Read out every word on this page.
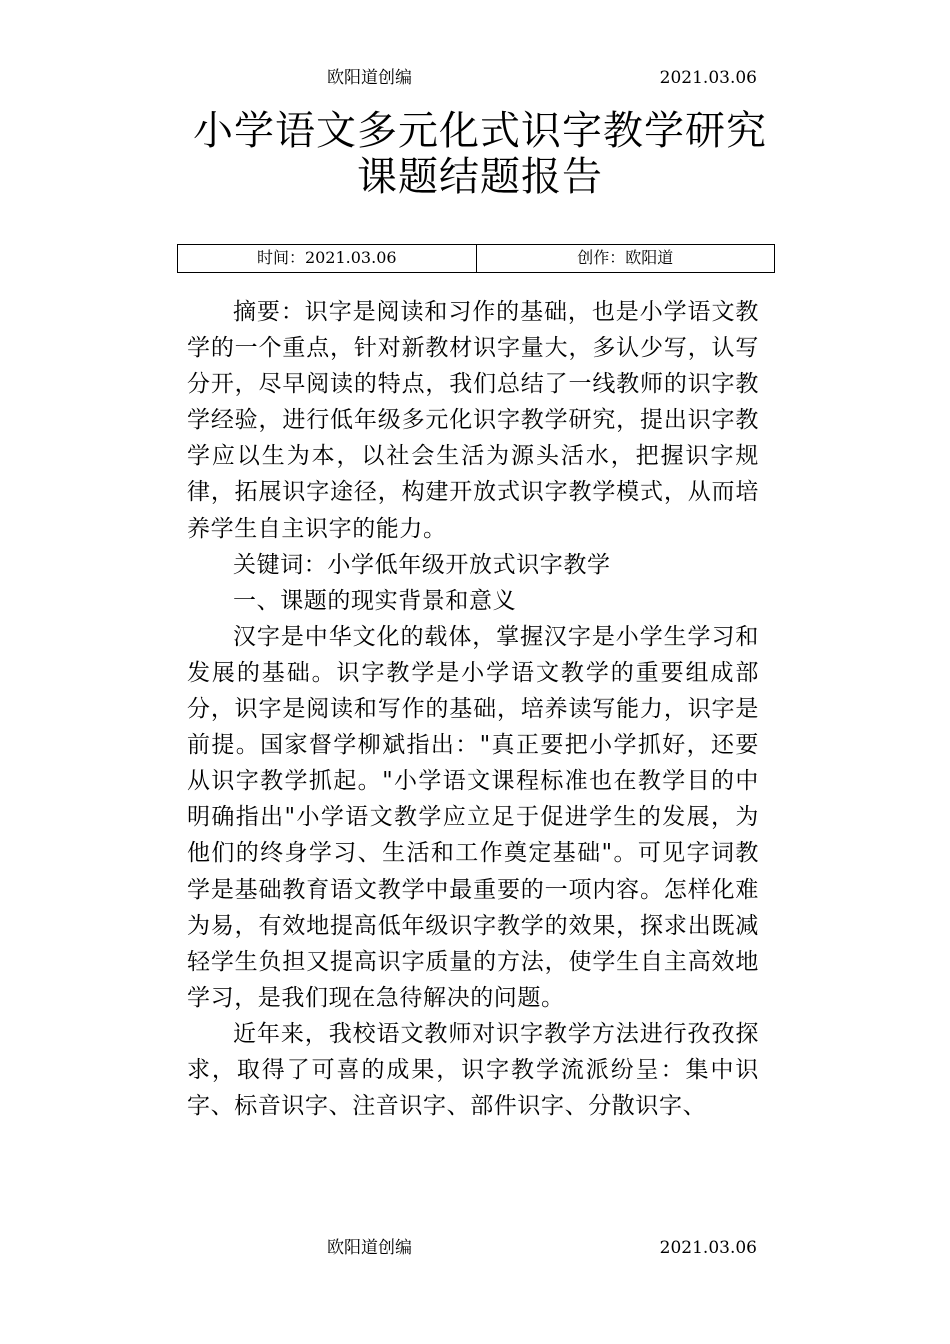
欧阳道创编	2021.03.06
小学语文多元化式识字教学研究课题结题报告
时间：2021.03.06	创作：欧阳道

摘要：识字是阅读和习作的基础，也是小学语文教学的一个重点，针对新教材识字量大，多认少写，认写分开，尽早阅读的特点，我们总结了一线教师的识字教学经验，进行低年级多元化识字教学研究，提出识字教学应以生为本，以社会生活为源头活水，把握识字规律，拓展识字途径，构建开放式识字教学模式，从而培养学生自主识字的能力。

关键词：小学低年级开放式识字教学

一、课题的现实背景和意义

汉字是中华文化的载体，掌握汉字是小学生学习和发展的基础。识字教学是小学语文教学的重要组成部分，识字是阅读和写作的基础，培养读写能力，识字是前提。国家督学柳斌指出："真正要把小学抓好，还要从识字教学抓起。"小学语文课程标准也在教学目的中明确指出"小学语文教学应立足于促进学生的发展，为他们的终身学习、生活和工作奠定基础"。可见字词教学是基础教育语文教学中最重要的一项内容。怎样化难为易，有效地提高低年级识字教学的效果，探求出既减轻学生负担又提高识字质量的方法，使学生自主高效地学习，是我们现在急待解决的问题。

近年来，我校语文教师对识字教学方法进行孜孜探求，取得了可喜的成果，识字教学流派纷呈：集中识字、标音识字、注音识字、部件识字、分散识字、

欧阳道创编	2021.03.06
